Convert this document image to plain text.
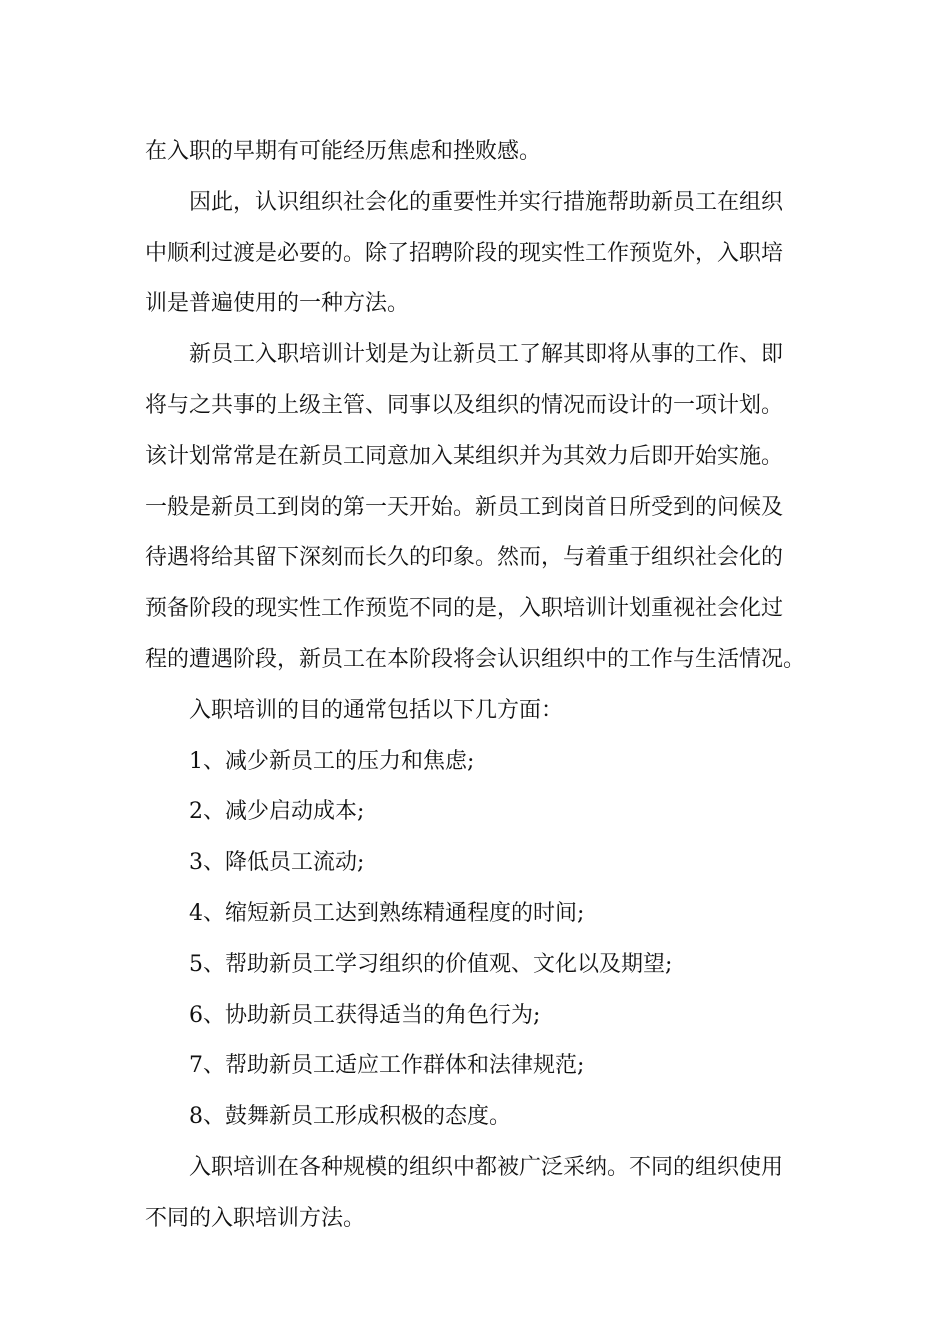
在入职的早期有可能经历焦虑和挫败感。
因此，认识组织社会化的重要性并实行措施帮助新员工在组织
中顺利过渡是必要的。除了招聘阶段的现实性工作预览外，入职培
训是普遍使用的一种方法。
新员工入职培训计划是为让新员工了解其即将从事的工作、即
将与之共事的上级主管、同事以及组织的情况而设计的一项计划。
该计划常常是在新员工同意加入某组织并为其效力后即开始实施。
一般是新员工到岗的第一天开始。新员工到岗首日所受到的问候及
待遇将给其留下深刻而长久的印象。然而，与着重于组织社会化的
预备阶段的现实性工作预览不同的是，入职培训计划重视社会化过
程的遭遇阶段，新员工在本阶段将会认识组织中的工作与生活情况。
入职培训的目的通常包括以下几方面：
1、减少新员工的压力和焦虑;
2、减少启动成本;
3、降低员工流动;
4、缩短新员工达到熟练精通程度的时间;
5、帮助新员工学习组织的价值观、文化以及期望;
6、协助新员工获得适当的角色行为;
7、帮助新员工适应工作群体和法律规范;
8、鼓舞新员工形成积极的态度。
入职培训在各种规模的组织中都被广泛采纳。不同的组织使用
不同的入职培训方法。
